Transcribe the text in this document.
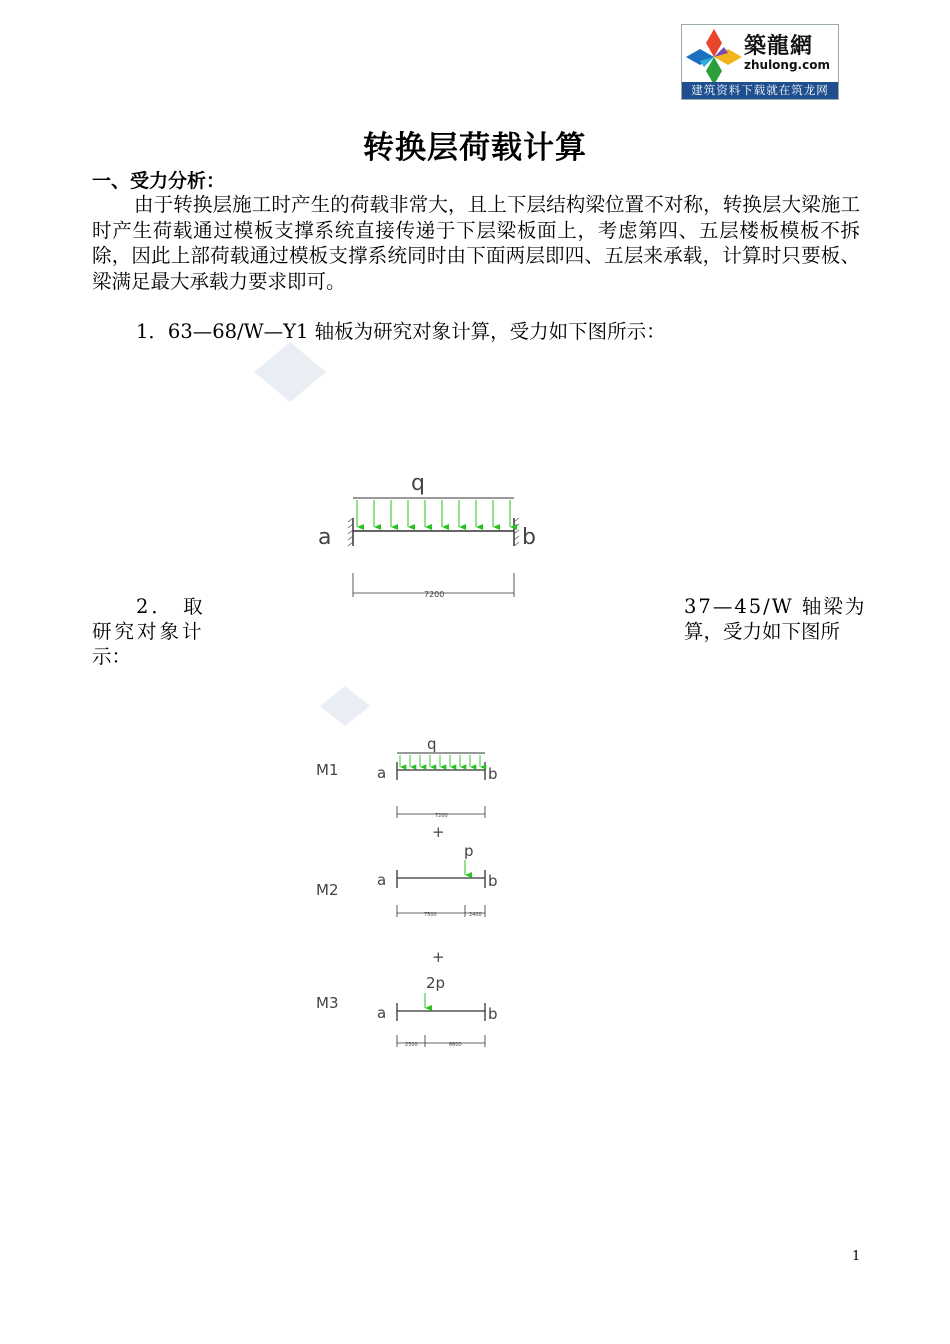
築龍網
zhulong.com
建筑资料下载就在筑龙网
转换层荷载计算
一、受力分析：

由于转换层施工时产生的荷载非常大，且上下层结构梁位置不对称，转换层大梁施工时产生荷载通过模板支撑系统直接传递于下层梁板面上，考虑第四、五层楼板模板不拆除，因此上部荷载通过模板支撑系统同时由下面两层即四、五层来承载，计算时只要板、梁满足最大承载力要求即可。

1．63—68/W—Y1 轴板为研究对象计算，受力如下图所示：
2． 取	37—45/W 轴梁为
研究对象计	算，受力如下图所
示：
q
a	b
7200
M1
q
a	b
7200
+
M2
p
a	b
7500	2400
+
M3
2p
a	b
2300	6600
1
